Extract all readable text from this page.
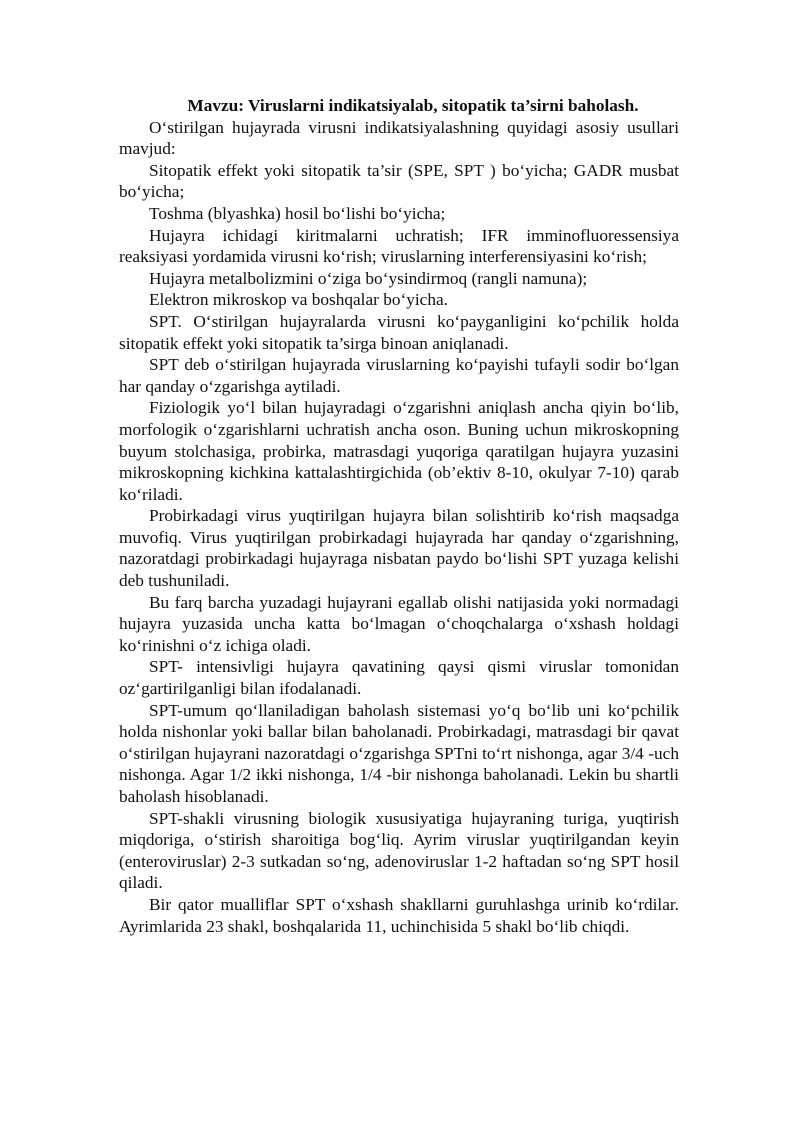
Mavzu: Viruslarni indikatsiyalab, sitopatik ta’sirni baholash.

O‘stirilgan hujayrada virusni indikatsiyalashning quyidagi asosiy usullari mavjud:

Sitopatik effekt yoki sitopatik ta’sir (SPE, SPT ) bo‘yicha; GADR musbat bo‘yicha;

Toshma (blyashka) hosil bo‘lishi bo‘yicha;

Hujayra ichidagi kiritmalarni uchratish; IFR imminofluoressensiya reaksiyasi yordamida virusni ko‘rish; viruslarning interferensiyasini ko‘rish;

Hujayra metalbolizmini o‘ziga bo‘ysindirmoq (rangli namuna);

Elektron mikroskop va boshqalar bo‘yicha.

SPT. O‘stirilgan hujayralarda virusni ko‘payganligini ko‘pchilik holda sitopatik effekt yoki sitopatik ta’sirga binoan aniqlanadi.

SPT deb o‘stirilgan hujayrada viruslarning ko‘payishi tufayli sodir bo‘lgan har qanday o‘zgarishga aytiladi.

Fiziologik yo‘l bilan hujayradagi o‘zgarishni aniqlash ancha qiyin bo‘lib, morfologik o‘zgarishlarni uchratish ancha oson. Buning uchun mikroskopning buyum stolchasiga, probirka, matrasdagi yuqoriga qaratilgan hujayra yuzasini mikroskopning kichkina kattalashtirgichida (ob’ektiv 8-10, okulyar 7-10) qarab ko‘riladi.

Probirkadagi virus yuqtirilgan hujayra bilan solishtirib ko‘rish maqsadga muvofiq. Virus yuqtirilgan probirkadagi hujayrada har qanday o‘zgarishning, nazoratdagi probirkadagi hujayraga nisbatan paydo bo‘lishi SPT yuzaga kelishi deb tushuniladi.

Bu farq barcha yuzadagi hujayrani egallab olishi natijasida yoki normadagi hujayra yuzasida uncha katta bo‘lmagan o‘choqchalarga o‘xshash holdagi ko‘rinishni o‘z ichiga oladi.

SPT- intensivligi hujayra qavatining qaysi qismi viruslar tomonidan oz‘gartirilganligi bilan ifodalanadi.

SPT-umum qo‘llaniladigan baholash sistemasi yo‘q bo‘lib uni ko‘pchilik holda nishonlar yoki ballar bilan baholanadi. Probirkadagi, matrasdagi bir qavat o‘stirilgan hujayrani nazoratdagi o‘zgarishga SPTni to‘rt nishonga, agar 3/4 -uch nishonga. Agar 1/2 ikki nishonga, 1/4 -bir nishonga baholanadi. Lekin bu shartli baholash hisoblanadi.

SPT-shakli virusning biologik xususiyatiga hujayraning turiga, yuqtirish miqdoriga, o‘stirish sharoitiga bog‘liq. Ayrim viruslar yuqtirilgandan keyin (enteroviruslar) 2-3 sutkadan so‘ng, adenoviruslar 1-2 haftadan so‘ng SPT hosil qiladi.

Bir qator mualliflar SPT o‘xshash shakllarni guruhlashga urinib ko‘rdilar. Ayrimlarida 23 shakl, boshqalarida 11, uchinchisida 5 shakl bo‘lib chiqdi.
